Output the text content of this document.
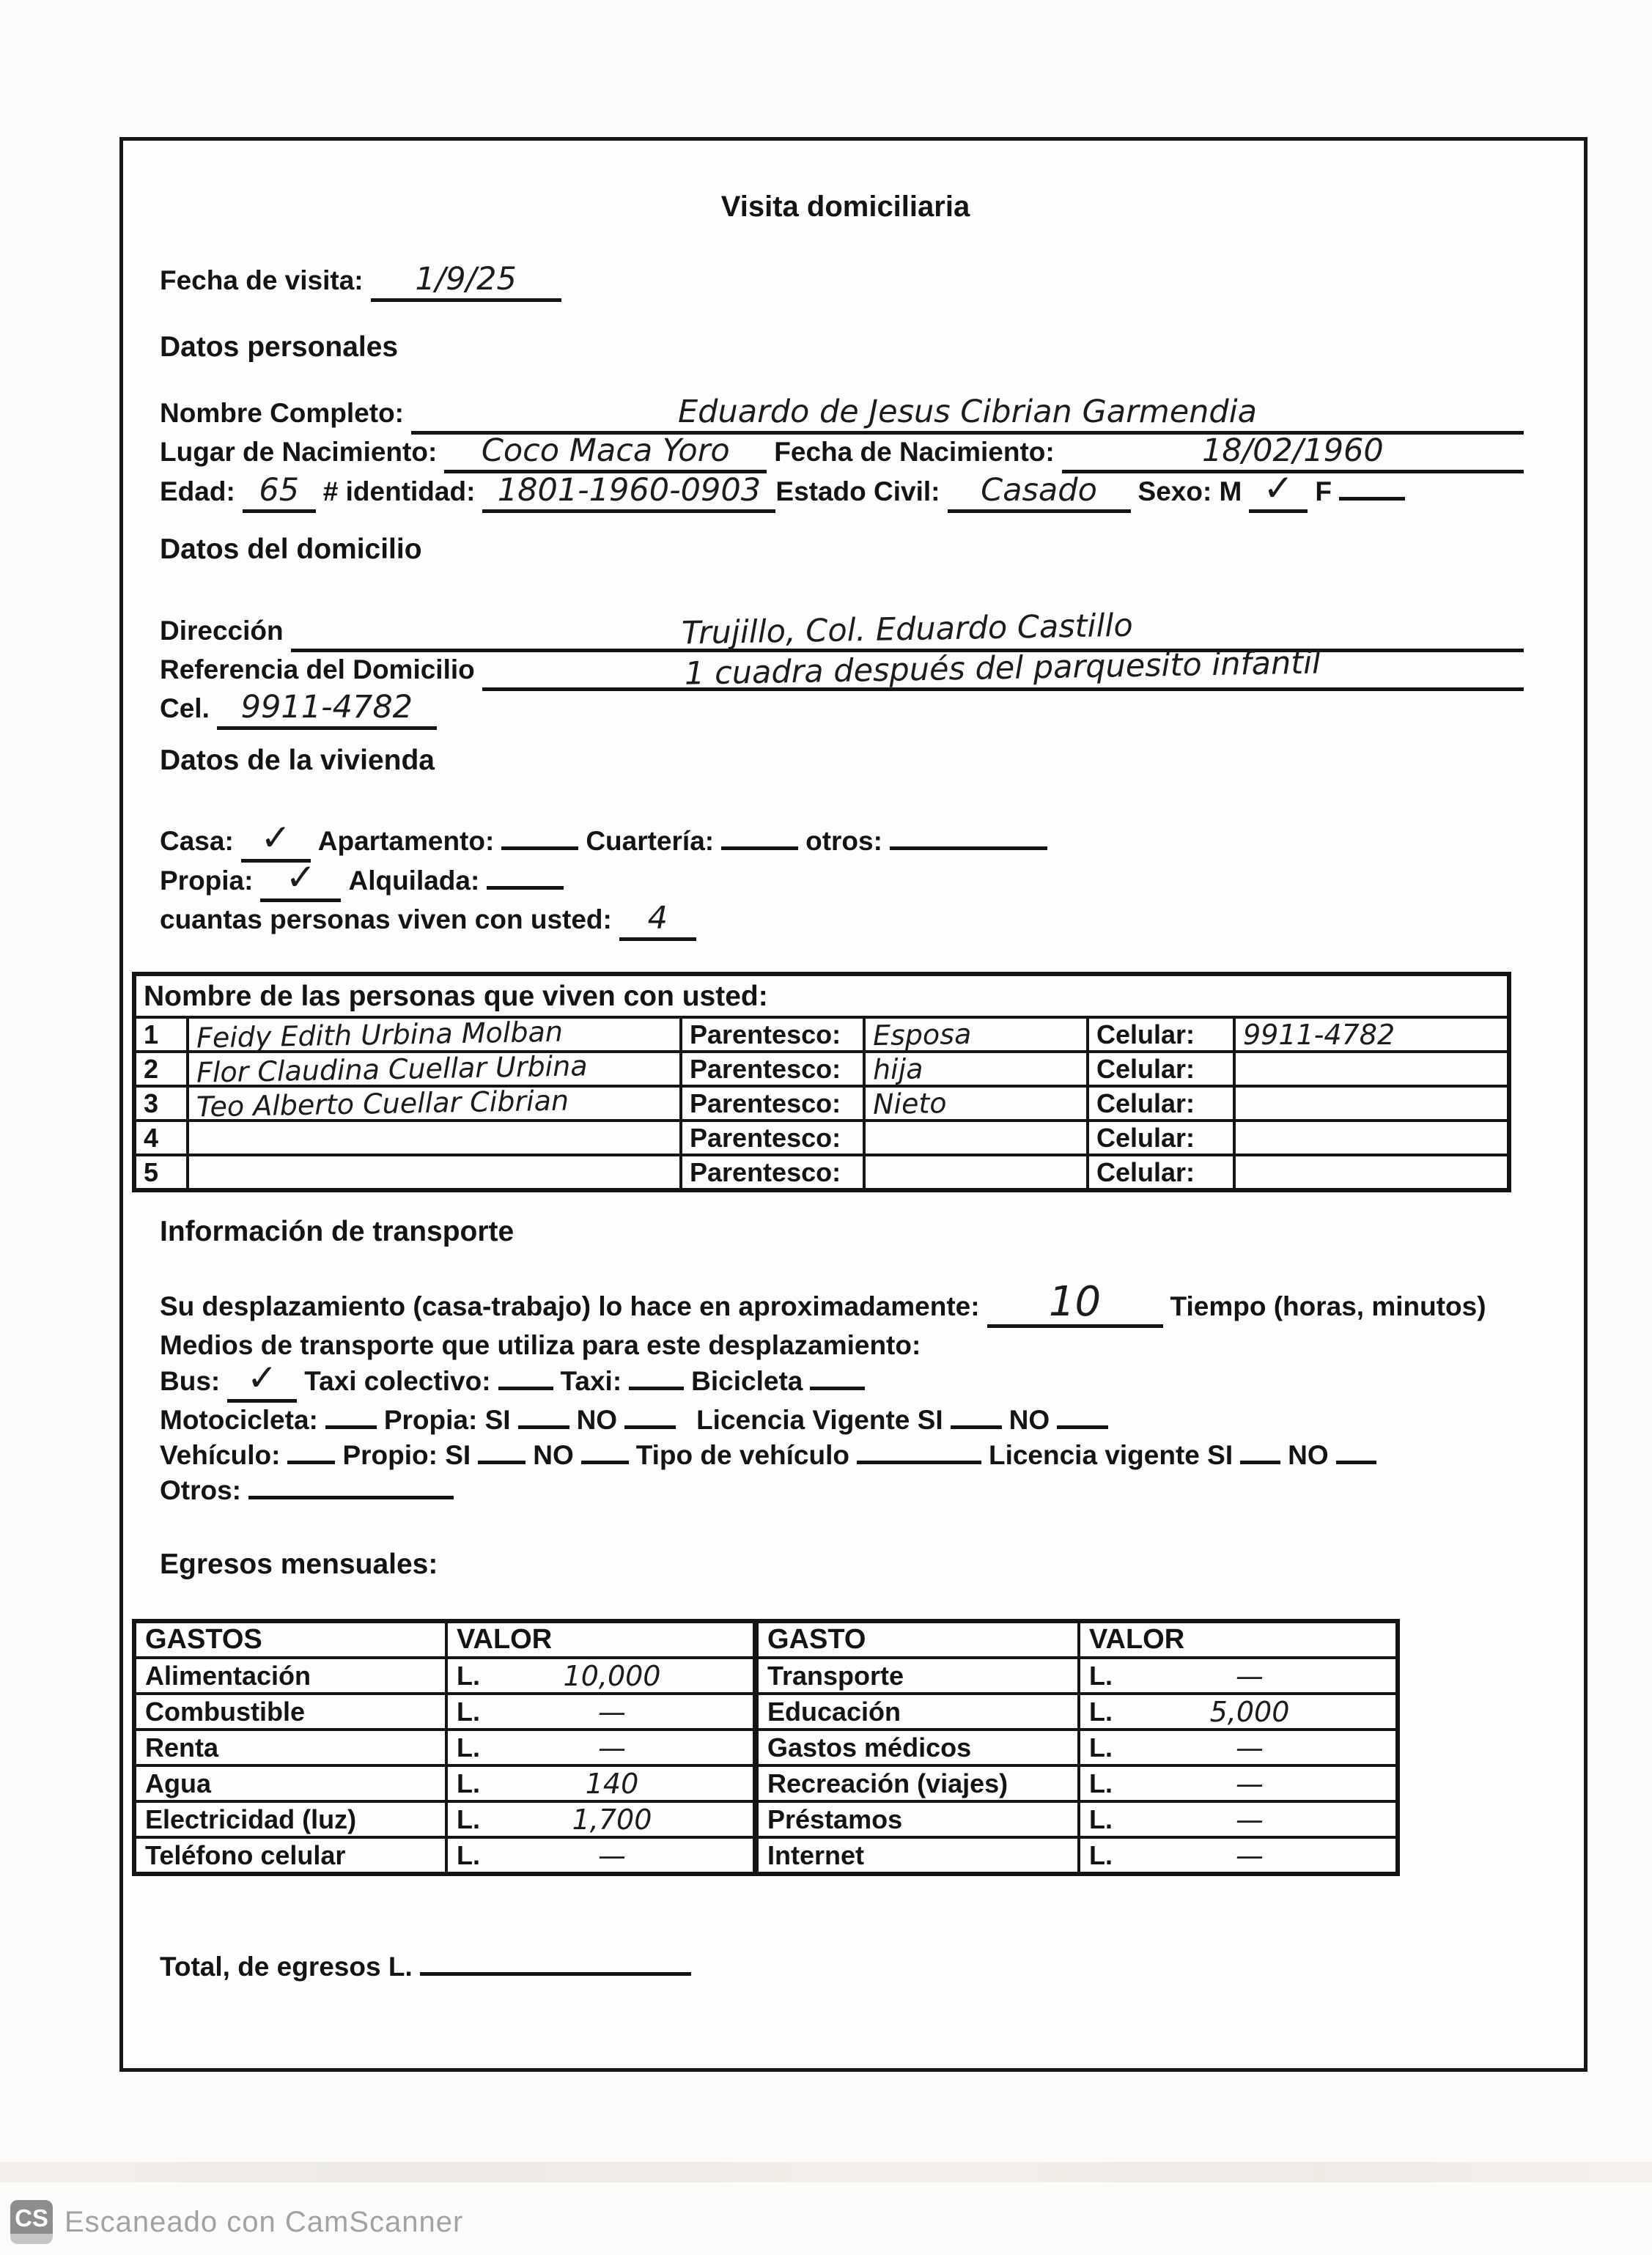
Visita domiciliaria
Fecha de visita:	1/9/25
Datos personales
Nombre Completo:	Eduardo de Jesus Cibrian Garmendia
Lugar de Nacimiento:	Coco Maca Yoro	Fecha de Nacimiento:	18/02/1960
Edad: 65 # identidad: 1801-1960-0903 Estado Civil:	Casado	Sexo: M ✓ F
Datos del domicilio
Dirección	Trujillo, Col. Eduardo Castillo
Referencia del Domicilio	1 cuadra después del parquesito infantil
Cel. 9911-4782
Datos de la vivienda
Casa: ✓ Apartamento:	Cuartería:	otros:
Propia: ✓	Alquilada:
cuantas personas viven con usted:	4
Nombre de las personas que viven con usted:
1	Feidy Edith Urbina Molban	Parentesco:	Esposa	Celular:	9911-4782
2	Flor Claudina Cuellar Urbina	Parentesco:	hija	Celular:
3	Teo Alberto Cuellar Cibrian	Parentesco:	Nieto	Celular:
4	Parentesco:	Celular:
5	Parentesco:	Celular:
Información de transporte
Su desplazamiento (casa-trabajo) lo hace en aproximadamente:	10	Tiempo (horas, minutos)
Medios de transporte que utiliza para este desplazamiento:
Bus: ✓ Taxi colectivo:	Taxi:	Bicicleta
Motocicleta: Propia: SI NO	Licencia Vigente SI NO
Vehículo: Propio: SI NO Tipo de vehículo	Licencia vigente SI NO
Otros:
Egresos mensuales:
GASTOS	VALOR	GASTO	VALOR
Alimentación	L.	10,000	Transporte	L.	—
Combustible	L.	—	Educación	L.	5,000
Renta	L.	—	Gastos médicos	L.	—
Agua	L.	140	Recreación (viajes)	L.	—
Electricidad (luz)	L.	1,700	Préstamos	L.	—
Teléfono celular	L.	—	Internet	L.	—
Total, de egresos L.
CS Escaneado con CamScanner
